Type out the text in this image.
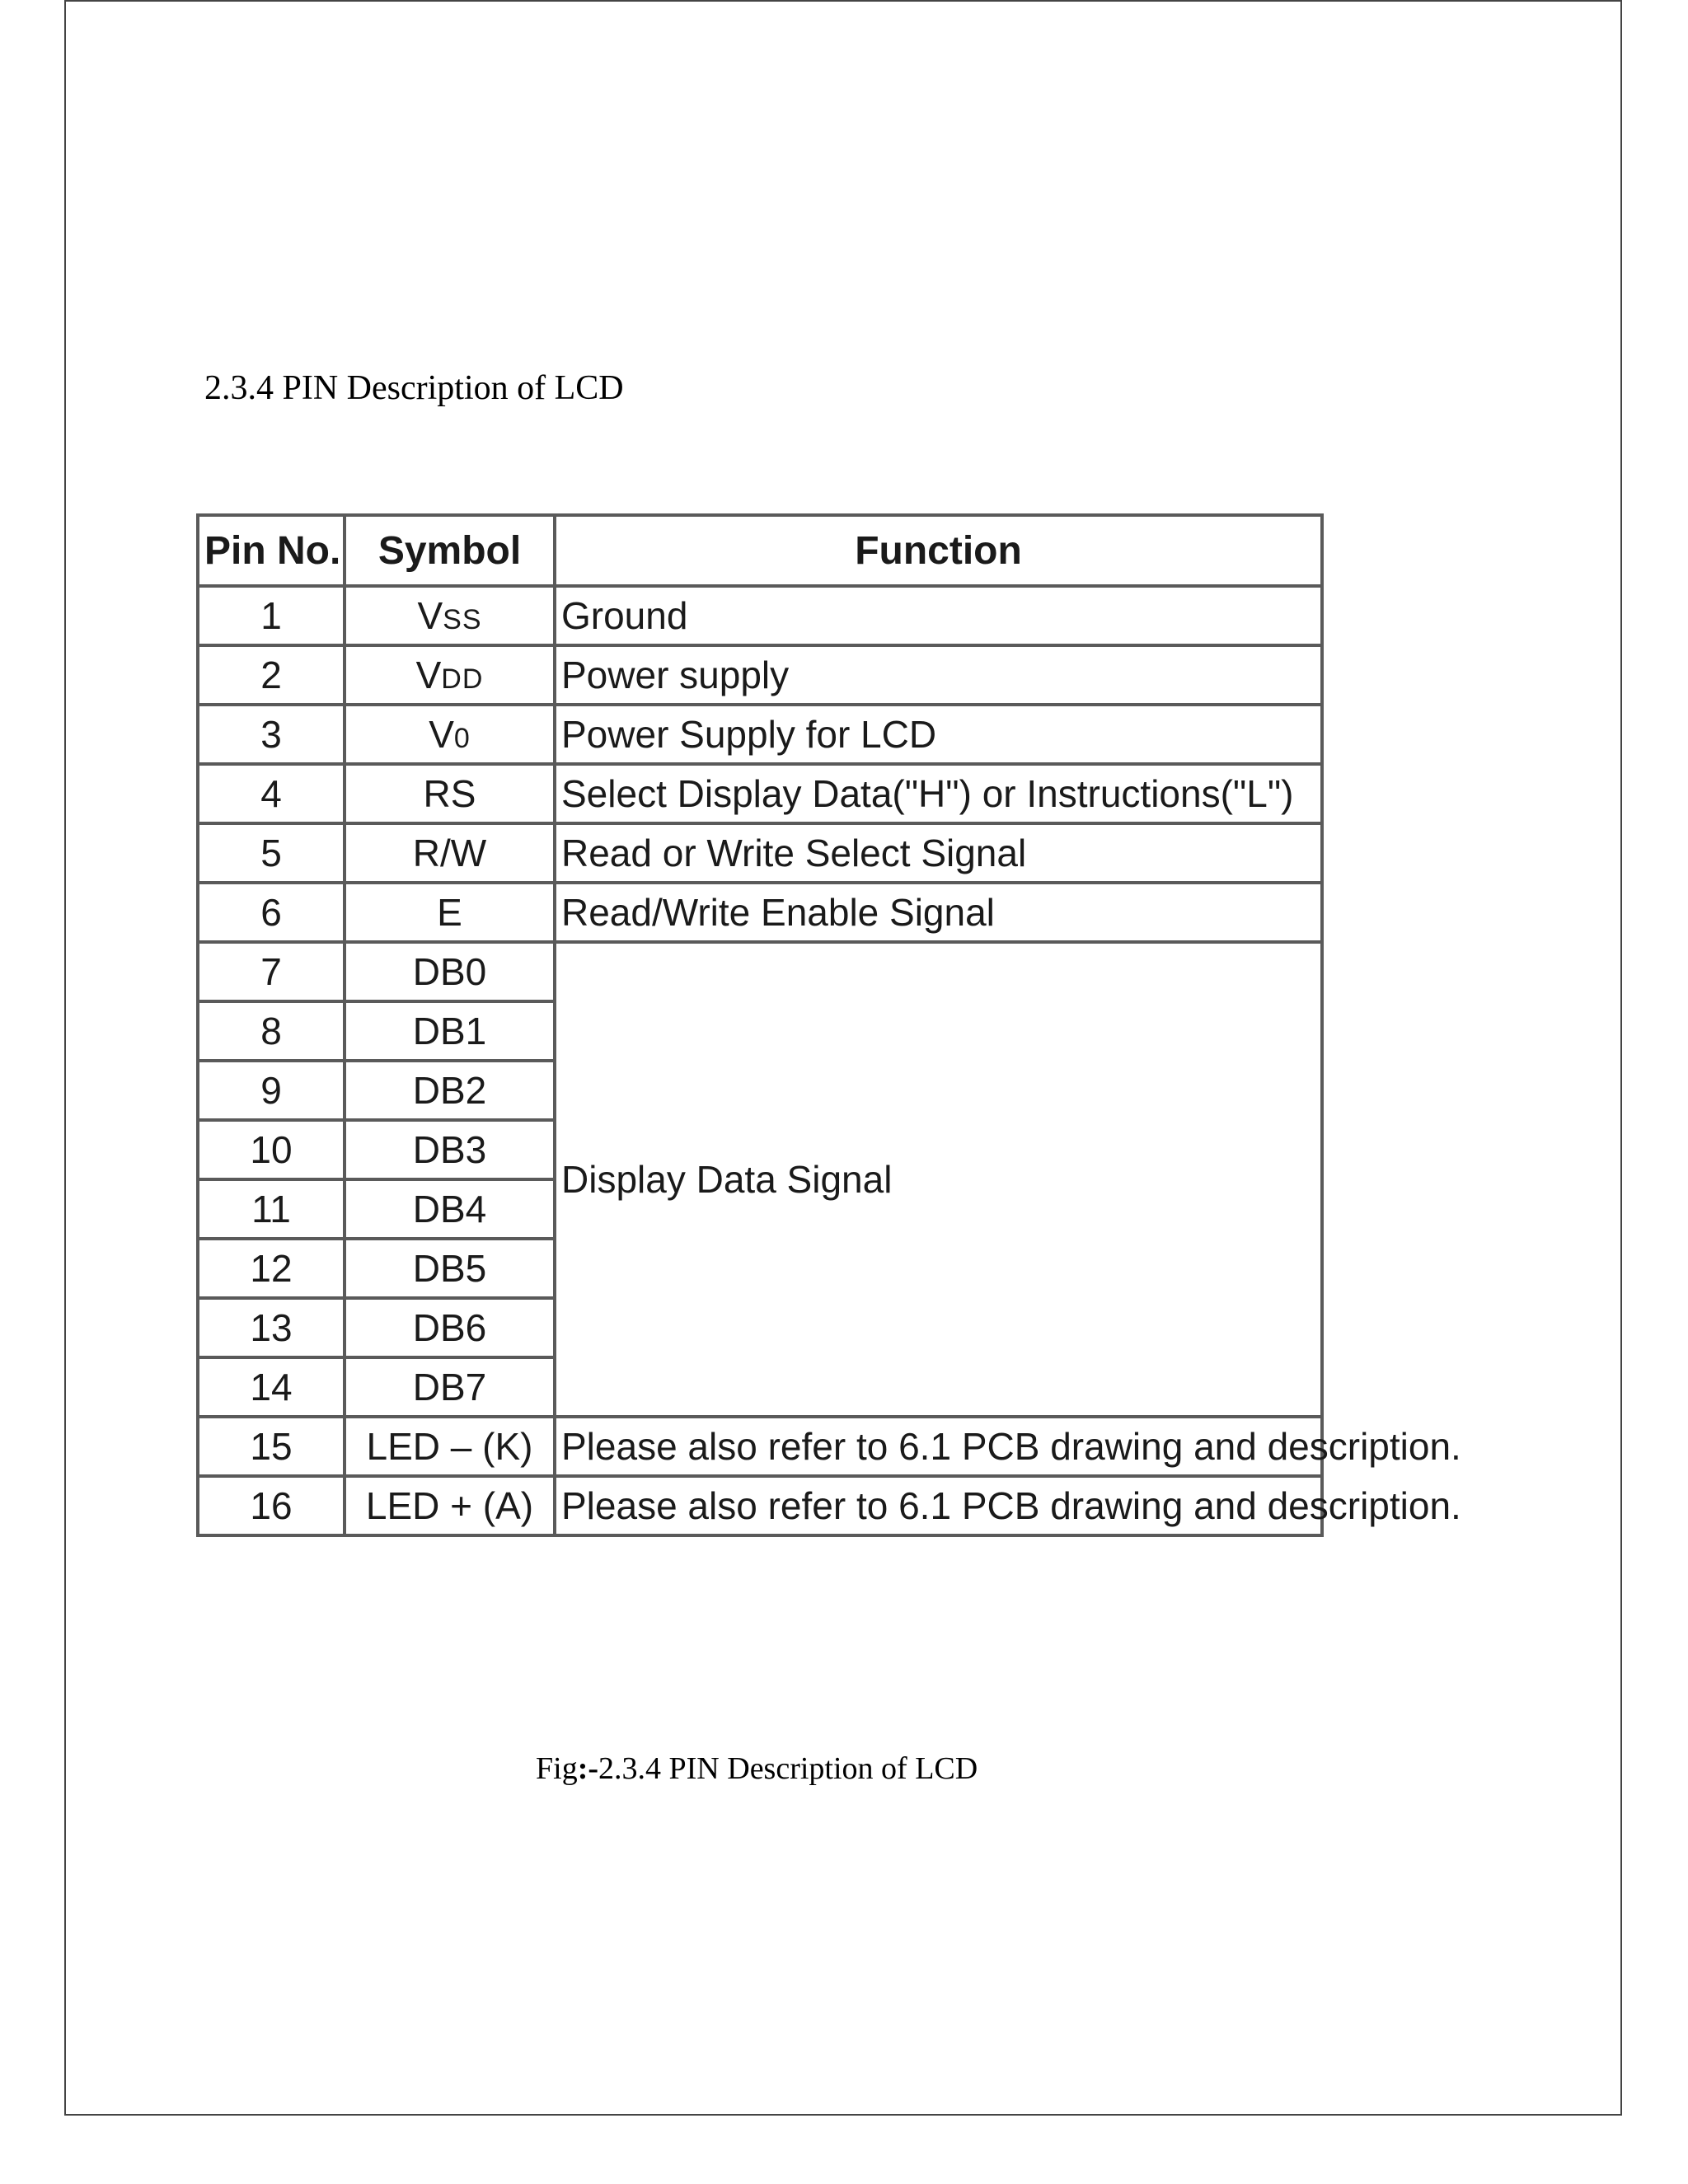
2.3.4 PIN Description of LCD
Pin No.	Symbol	Function
1	VSS	Ground
2	VDD	Power supply
3	V0	Power Supply for LCD
4	RS	Select Display Data("H") or Instructions("L")
5	R/W	Read or Write Select Signal
6	E	Read/Write Enable Signal
7	DB0	Display Data Signal
8	DB1	
9	DB2	
10	DB3	
11	DB4	
12	DB5	
13	DB6	
14	DB7	
15	LED – (K)	Please also refer to 6.1 PCB drawing and description.
16	LED + (A)	Please also refer to 6.1 PCB drawing and description.
Fig:-2.3.4 PIN Description of LCD
